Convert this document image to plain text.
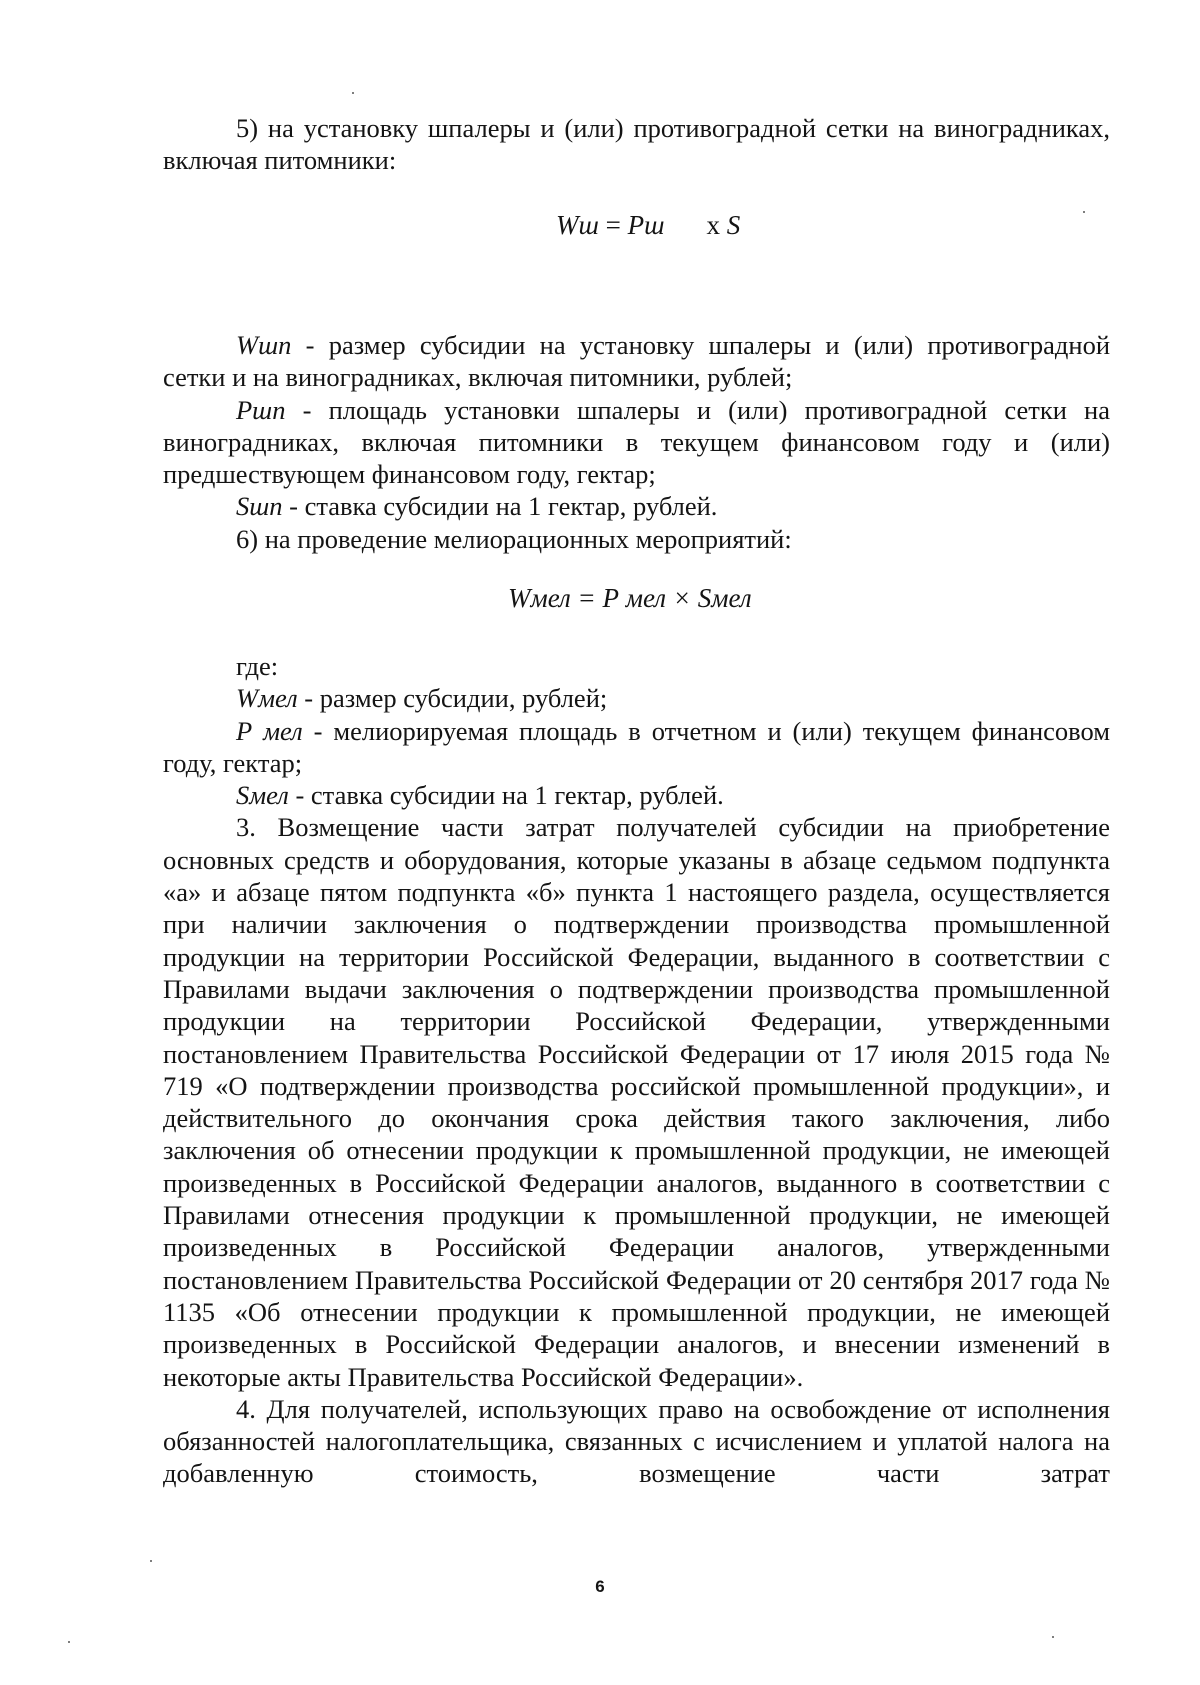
5) на установку шпалеры и (или) противоградной сетки на виноградниках, включая питомники:

Wш = Рш x S

Wшп - размер субсидии на установку шпалеры и (или) противоградной сетки и на виноградниках, включая питомники, рублей;

Ршп - площадь установки шпалеры и (или) противоградной сетки на виноградниках, включая питомники в текущем финансовом году и (или) предшествующем финансовом году, гектар;

Sшп - ставка субсидии на 1 гектар, рублей.

6) на проведение мелиорационных мероприятий:

Wмел = Р мел × Sмел

где:

Wмел - размер субсидии, рублей;

Р мел - мелиорируемая площадь в отчетном и (или) текущем финансовом году, гектар;

Sмел - ставка субсидии на 1 гектар, рублей.

3. Возмещение части затрат получателей субсидии на приобретение основных средств и оборудования, которые указаны в абзаце седьмом подпункта «а» и абзаце пятом подпункта «б» пункта 1 настоящего раздела, осуществляется при наличии заключения о подтверждении производства промышленной продукции на территории Российской Федерации, выданного в соответствии с Правилами выдачи заключения о подтверждении производства промышленной продукции на территории Российской Федерации, утвержденными постановлением Правительства Российской Федерации от 17 июля 2015 года № 719 «О подтверждении производства российской промышленной продукции», и действительного до окончания срока действия такого заключения, либо заключения об отнесении продукции к промышленной продукции, не имеющей произведенных в Российской Федерации аналогов, выданного в соответствии с Правилами отнесения продукции к промышленной продукции, не имеющей произведенных в Российской Федерации аналогов, утвержденными постановлением Правительства Российской Федерации от 20 сентября 2017 года № 1135 «Об отнесении продукции к промышленной продукции, не имеющей произведенных в Российской Федерации аналогов, и внесении изменений в некоторые акты Правительства Российской Федерации».

4. Для получателей, использующих право на освобождение от исполнения обязанностей налогоплательщика, связанных с исчислением и уплатой налога на добавленную стоимость, возмещение части затрат

6
